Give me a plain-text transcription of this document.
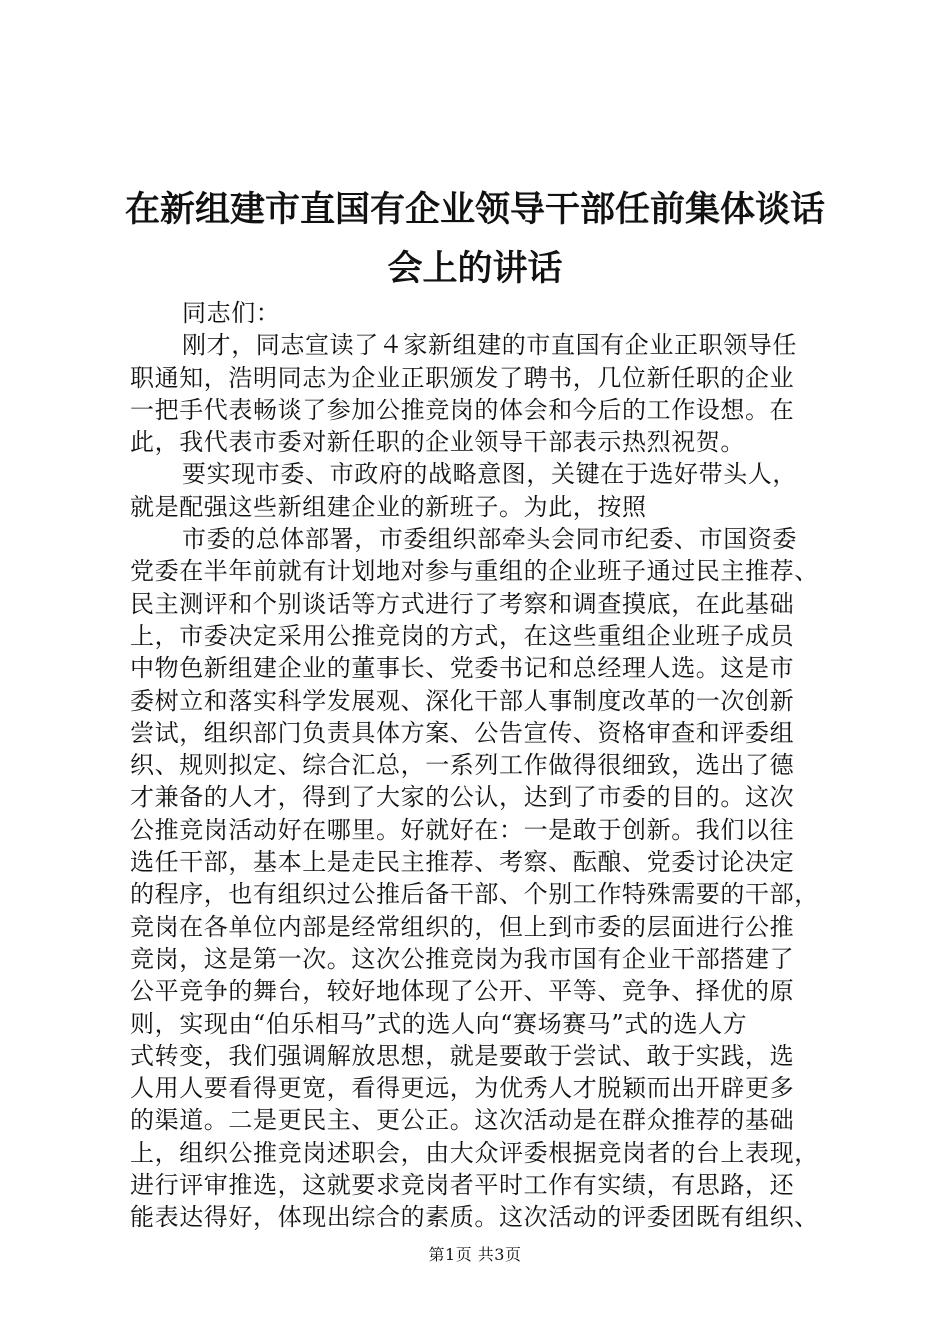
在新组建市直国有企业领导干部任前集体谈话
会上的讲话
同志们：
刚才，同志宣读了４家新组建的市直国有企业正职领导任
职通知，浩明同志为企业正职颁发了聘书，几位新任职的企业
一把手代表畅谈了参加公推竞岗的体会和今后的工作设想。在
此，我代表市委对新任职的企业领导干部表示热烈祝贺。
要实现市委、市政府的战略意图，关键在于选好带头人，
就是配强这些新组建企业的新班子。为此，按照
市委的总体部署，市委组织部牵头会同市纪委、市国资委
党委在半年前就有计划地对参与重组的企业班子通过民主推荐、
民主测评和个别谈话等方式进行了考察和调查摸底，在此基础
上，市委决定采用公推竞岗的方式，在这些重组企业班子成员
中物色新组建企业的董事长、党委书记和总经理人选。这是市
委树立和落实科学发展观、深化干部人事制度改革的一次创新
尝试，组织部门负责具体方案、公告宣传、资格审查和评委组
织、规则拟定、综合汇总，一系列工作做得很细致，选出了德
才兼备的人才，得到了大家的公认，达到了市委的目的。这次
公推竞岗活动好在哪里。好就好在：一是敢于创新。我们以往
选任干部，基本上是走民主推荐、考察、酝酿、党委讨论决定
的程序，也有组织过公推后备干部、个别工作特殊需要的干部，
竞岗在各单位内部是经常组织的，但上到市委的层面进行公推
竞岗，这是第一次。这次公推竞岗为我市国有企业干部搭建了
公平竞争的舞台，较好地体现了公开、平等、竞争、择优的原
则，实现由“伯乐相马”式的选人向“赛场赛马”式的选人方
式转变，我们强调解放思想，就是要敢于尝试、敢于实践，选
人用人要看得更宽，看得更远，为优秀人才脱颖而出开辟更多
的渠道。二是更民主、更公正。这次活动是在群众推荐的基础
上，组织公推竞岗述职会，由大众评委根据竞岗者的台上表现，
进行评审推选，这就要求竞岗者平时工作有实绩，有思路，还
能表达得好，体现出综合的素质。这次活动的评委团既有组织、
第1页 共3页
